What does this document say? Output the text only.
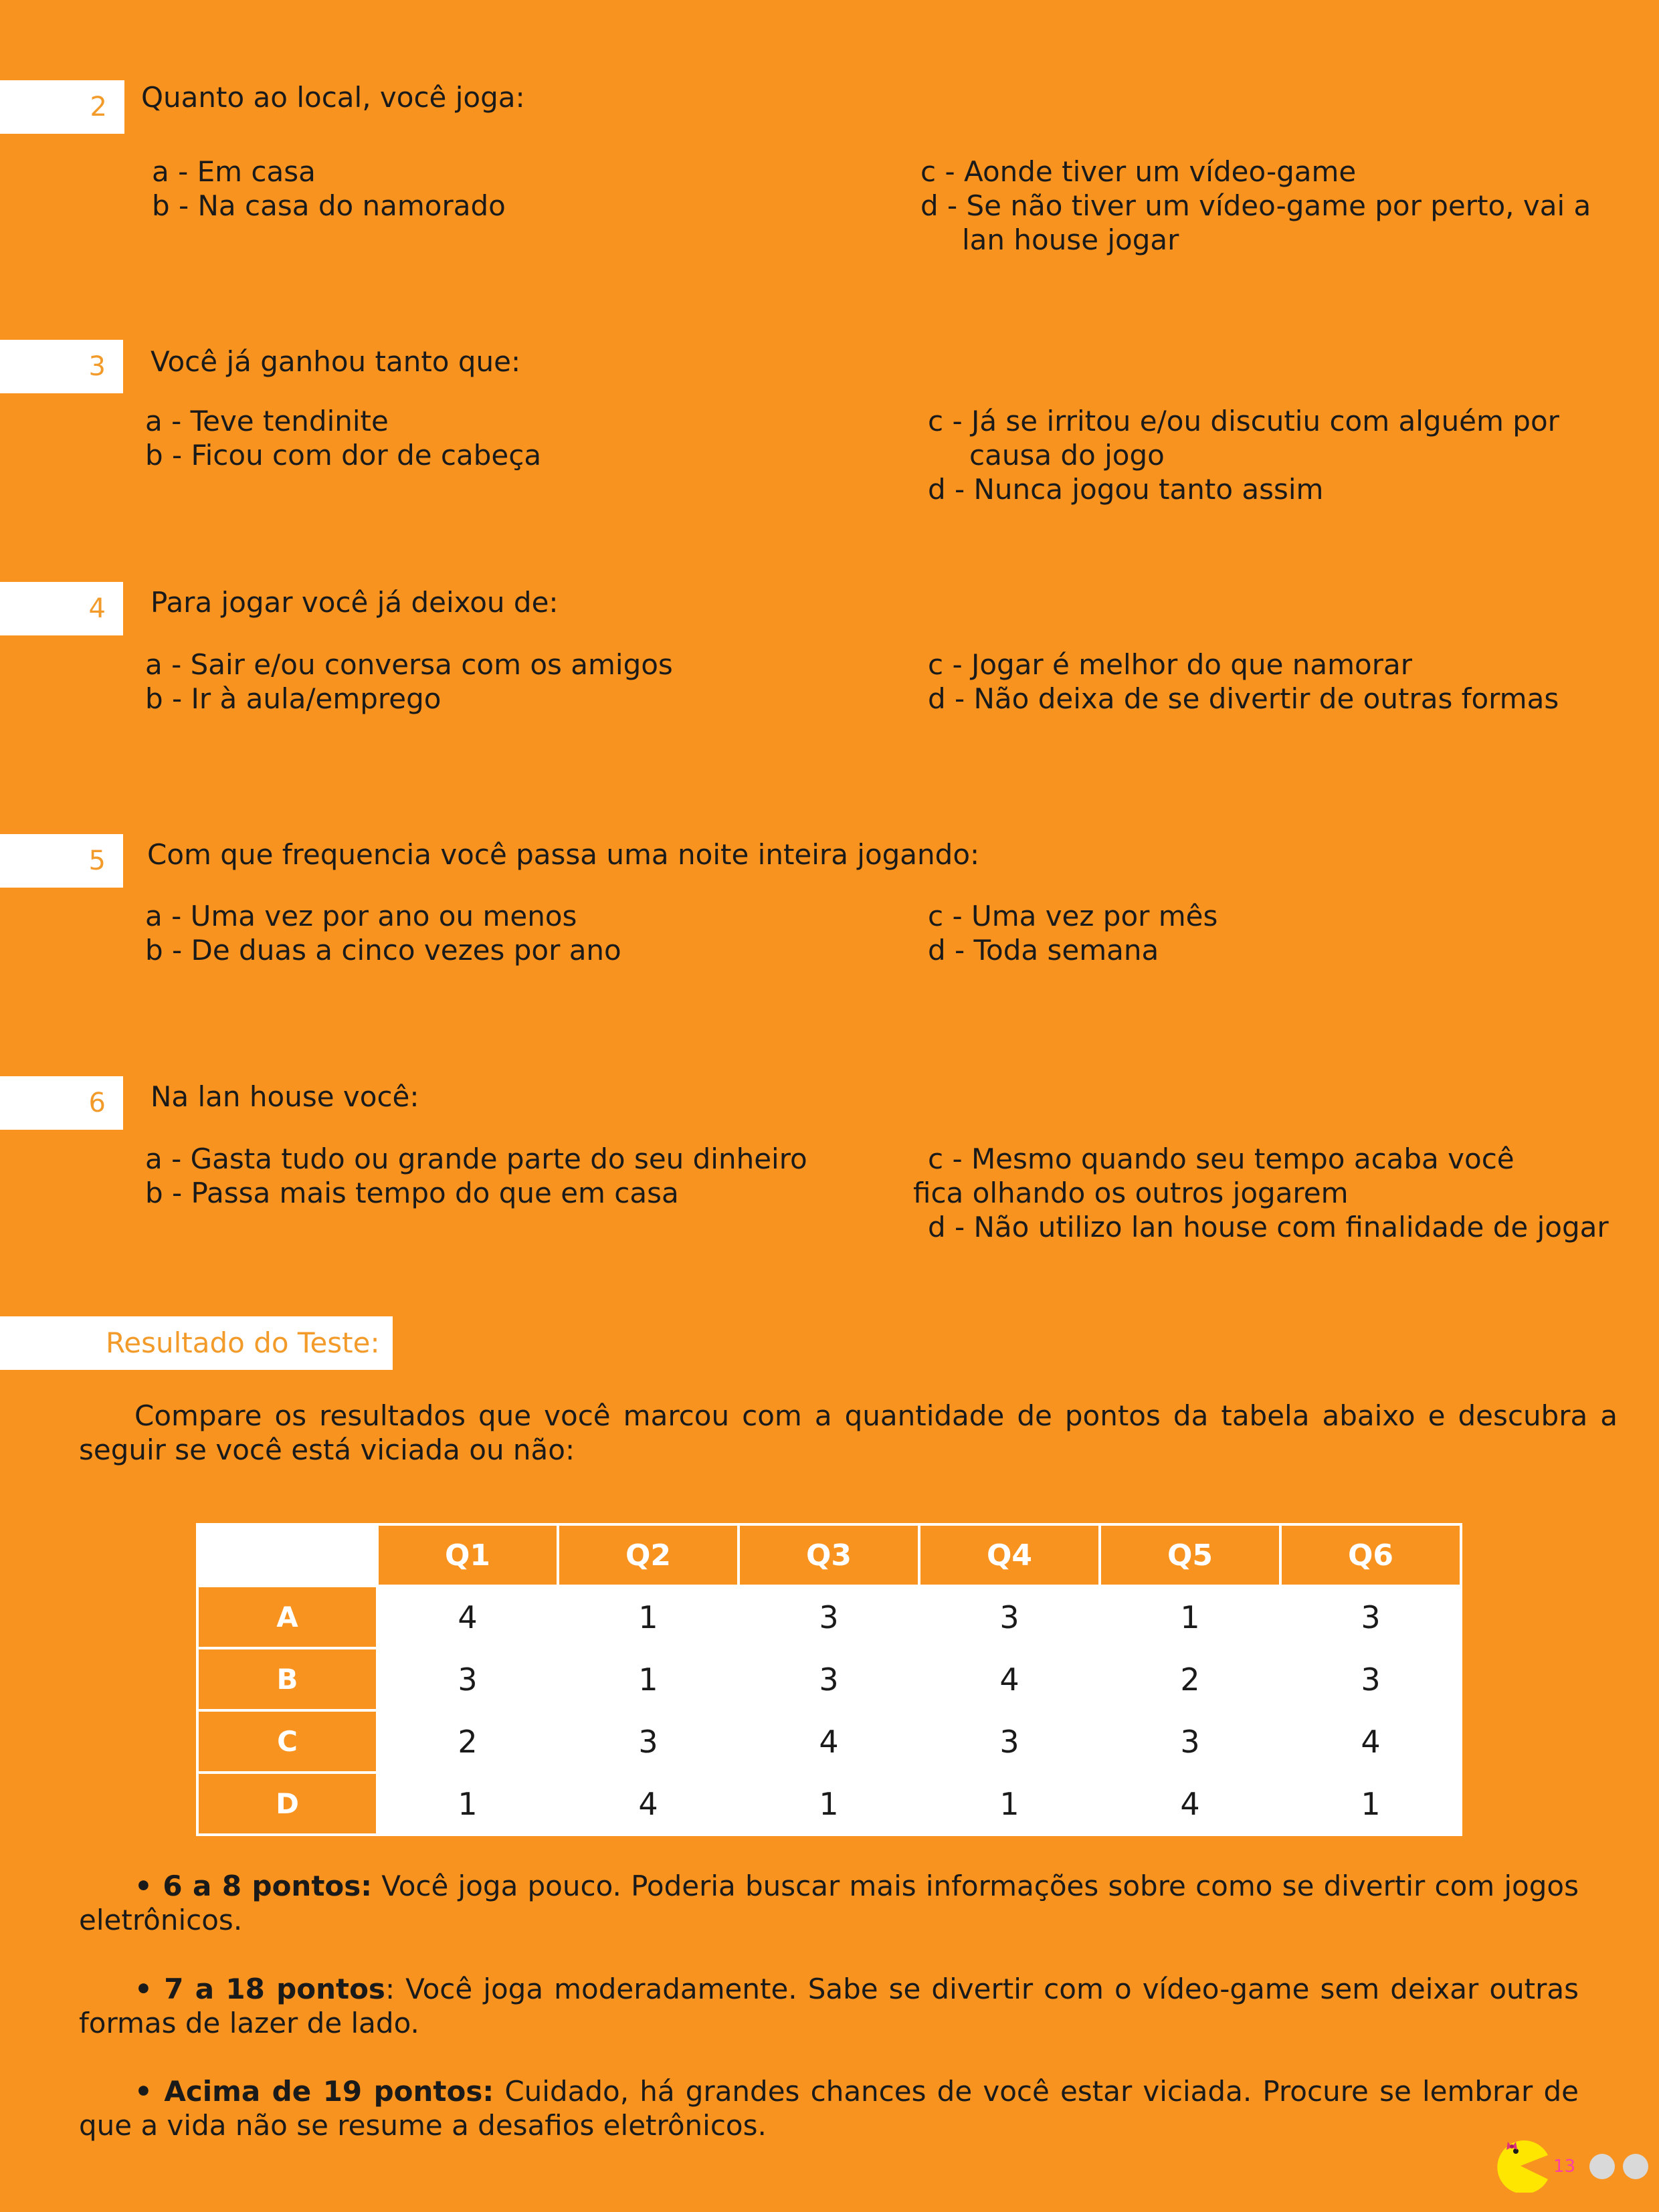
2	Quanto ao local, você joga:
a - Em casa
b - Na casa do namorado
c - Aonde tiver um vídeo-game
d - Se não tiver um vídeo-game por perto, vai a
lan house jogar
3	Você já ganhou tanto que:
a - Teve tendinite
b - Ficou com dor de cabeça
c - Já se irritou e/ou discutiu com alguém por
causa do jogo
d - Nunca jogou tanto assim
4	Para jogar você já deixou de:
a - Sair e/ou conversa com os amigos
b - Ir à aula/emprego
c - Jogar é melhor do que namorar
d - Não deixa de se divertir de outras formas
5	Com que frequencia você passa uma noite inteira jogando:
a - Uma vez por ano ou menos
b - De duas a cinco vezes por ano
c - Uma vez por mês
d - Toda semana
6	Na lan house você:
a - Gasta tudo ou grande parte do seu dinheiro
b - Passa mais tempo do que em casa
c - Mesmo quando seu tempo acaba você
fica olhando os outros jogarem
d - Não utilizo lan house com finalidade de jogar
Resultado do Teste:
Compare os resultados que você marcou com a quantidade de pontos da tabela abaixo e descubra a seguir se você está viciada ou não:
	Q1	Q2	Q3	Q4	Q5	Q6
A	4	1	3	3	1	3
B	3	1	3	4	2	3
C	2	3	4	3	3	4
D	1	4	1	1	4	1
• 6 a 8 pontos: Você joga pouco. Poderia buscar mais informações sobre como se divertir com jogos eletrônicos.
• 7 a 18 pontos: Você joga moderadamente. Sabe se divertir com o vídeo-game sem deixar outras formas de lazer de lado.
• Acima de 19 pontos: Cuidado, há grandes chances de você estar viciada. Procure se lembrar de que a vida não se resume a desafios eletrônicos.
13
